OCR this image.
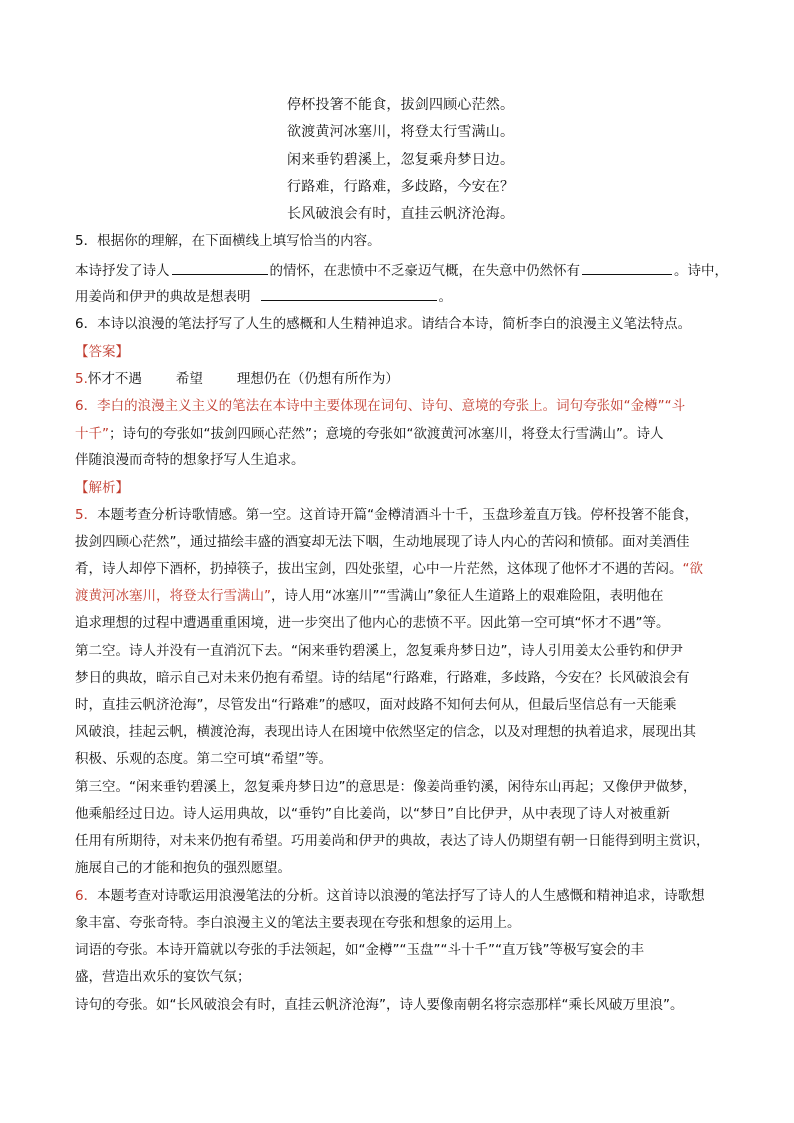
停杯投箸不能食，拔剑四顾心茫然。
欲渡黄河冰塞川，将登太行雪满山。
闲来垂钓碧溪上，忽复乘舟梦日边。
行路难，行路难，多歧路，今安在？
长风破浪会有时，直挂云帆济沧海。
5．根据你的理解，在下面横线上填写恰当的内容。
本诗抒发了诗人	的情怀，在悲愤中不乏豪迈气概，在失意中仍然怀有	。诗中，
用姜尚和伊尹的典故是想表明	。
6．本诗以浪漫的笔法抒写了人生的感概和人生精神追求。请结合本诗，简析李白的浪漫主义笔法特点。
【答案】
5.怀才不遇	希望	理想仍在（仍想有所作为）
6．李白的浪漫主义主义的笔法在本诗中主要体现在词句、诗句、意境的夸张上。词句夸张如“金樽”“斗
十千”；诗句的夸张如“拔剑四顾心茫然”；意境的夸张如“欲渡黄河冰塞川，将登太行雪满山”。诗人
伴随浪漫而奇特的想象抒写人生追求。
【解析】
5．本题考查分析诗歌情感。第一空。这首诗开篇“金樽清酒斗十千，玉盘珍羞直万钱。停杯投箸不能食，
拔剑四顾心茫然”，通过描绘丰盛的酒宴却无法下咽，生动地展现了诗人内心的苦闷和愤郁。面对美酒佳
肴，诗人却停下酒杯，扔掉筷子，拔出宝剑，四处张望，心中一片茫然，这体现了他怀才不遇的苦闷。“欲
渡黄河冰塞川，将登太行雪满山”，诗人用“冰塞川”“雪满山”象征人生道路上的艰难险阻，表明他在
追求理想的过程中遭遇重重困境，进一步突出了他内心的悲愤不平。因此第一空可填“怀才不遇”等。
第二空。诗人并没有一直消沉下去。“闲来垂钓碧溪上，忽复乘舟梦日边”，诗人引用姜太公垂钓和伊尹
梦日的典故，暗示自己对未来仍抱有希望。诗的结尾“行路难，行路难，多歧路，今安在？长风破浪会有
时，直挂云帆济沧海”，尽管发出“行路难”的感叹，面对歧路不知何去何从，但最后坚信总有一天能乘
风破浪，挂起云帆，横渡沧海，表现出诗人在困境中依然坚定的信念，以及对理想的执着追求，展现出其
积极、乐观的态度。第二空可填“希望”等。
第三空。“闲来垂钓碧溪上，忽复乘舟梦日边”的意思是：像姜尚垂钓溪，闲待东山再起；又像伊尹做梦，
他乘船经过日边。诗人运用典故，以“垂钓”自比姜尚，以“梦日”自比伊尹，从中表现了诗人对被重新
任用有所期待，对未来仍抱有希望。巧用姜尚和伊尹的典故，表达了诗人仍期望有朝一日能得到明主赏识，
施展自己的才能和抱负的强烈愿望。
6．本题考查对诗歌运用浪漫笔法的分析。这首诗以浪漫的笔法抒写了诗人的人生感慨和精神追求，诗歌想
象丰富、夸张奇特。李白浪漫主义的笔法主要表现在夸张和想象的运用上。
词语的夸张。本诗开篇就以夸张的手法领起，如“金樽”“玉盘”“斗十千”“直万钱”等极写宴会的丰
盛，营造出欢乐的宴饮气氛；
诗句的夸张。如“长风破浪会有时，直挂云帆济沧海”，诗人要像南朝名将宗悫那样“乘长风破万里浪”。
